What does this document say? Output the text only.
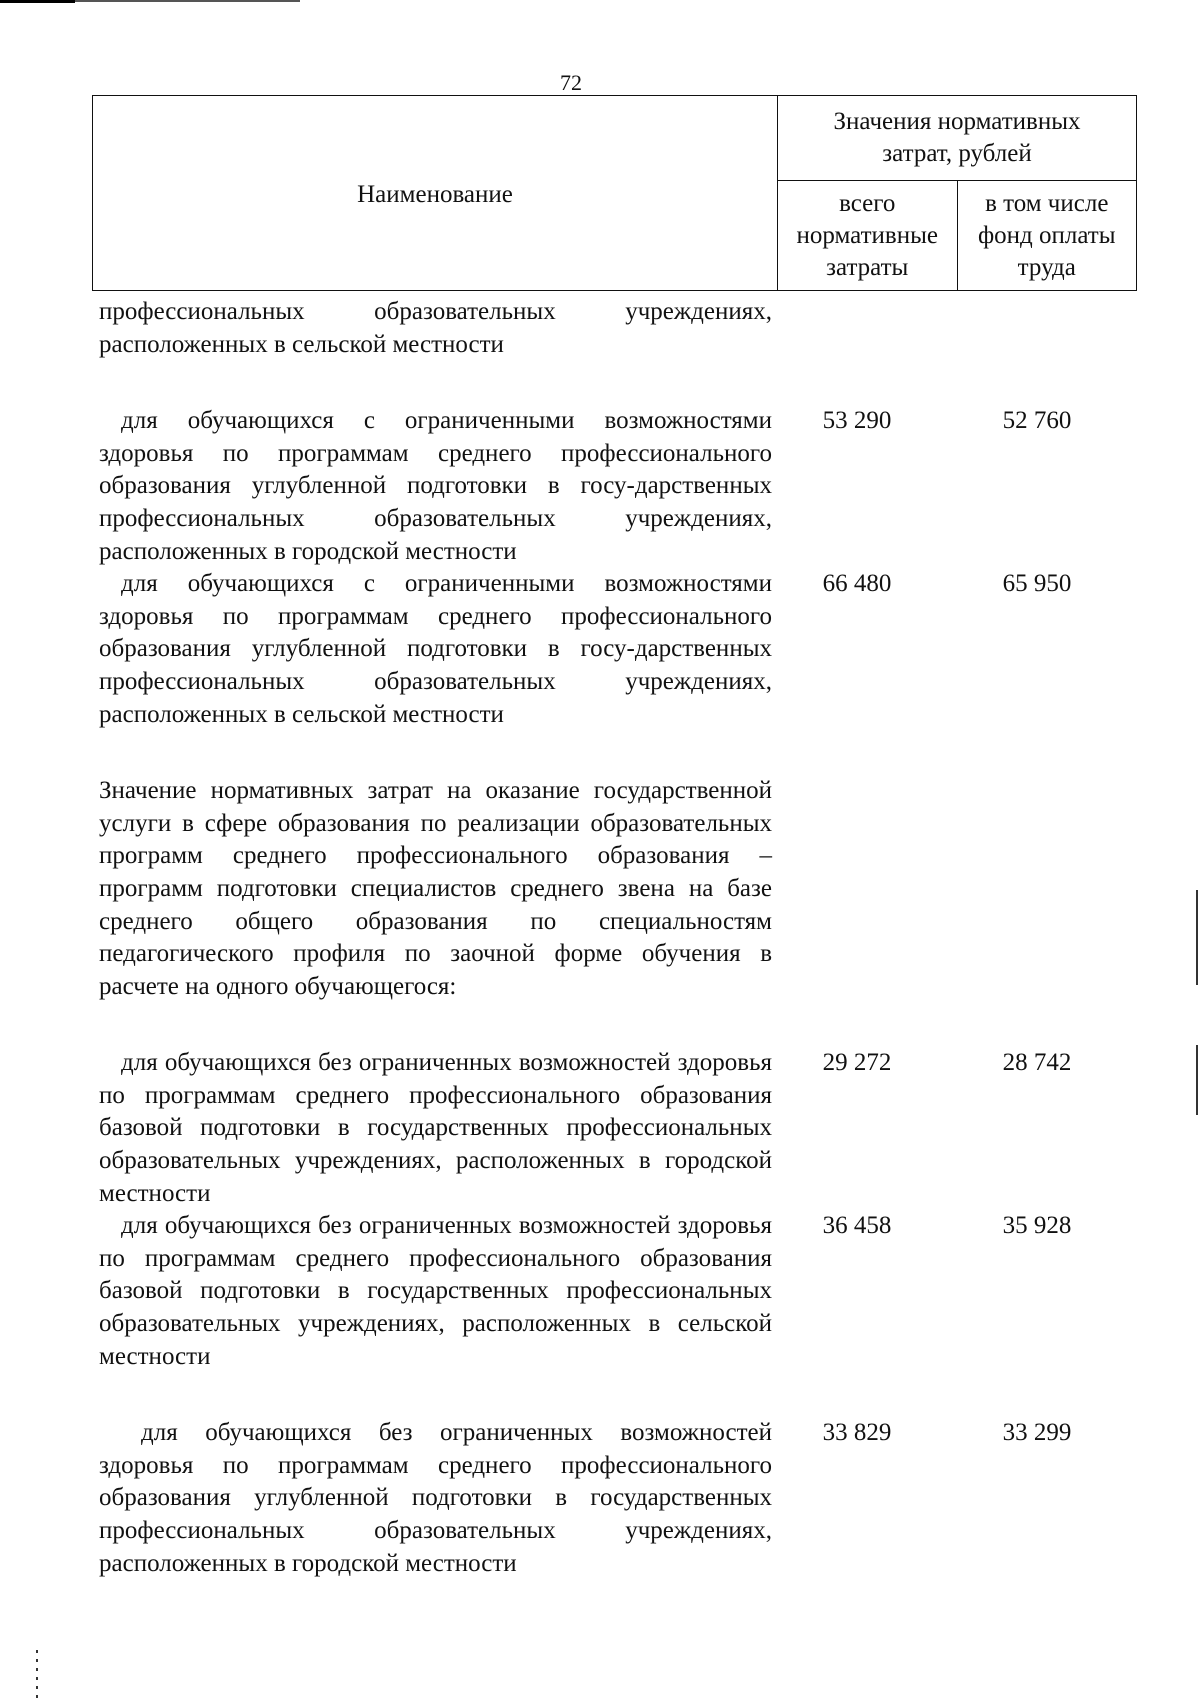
72
Наименование	Значения нормативных затрат, рублей	
	всего нормативные затраты	в том числе фонд оплаты труда
профессиональных образовательных учреждениях, расположенных в сельской местности
для обучающихся с ограниченными возможностями здоровья по программам среднего профессионального образования углубленной подготовки в госу-дарственных профессиональных образовательных учреждениях, расположенных в городской местности
53 290	52 760
для обучающихся с ограниченными возможностями здоровья по программам среднего профессионального образования углубленной подготовки в госу-дарственных профессиональных образовательных учреждениях, расположенных в сельской местности
66 480	65 950
Значение нормативных затрат на оказание государственной услуги в сфере образования по реализации образовательных программ среднего профессионального образования – программ подготовки специалистов среднего звена на базе среднего общего образования по специальностям педагогического профиля по заочной форме обучения в расчете на одного обучающегося:
для обучающихся без ограниченных возможностей здоровья по программам среднего профессионального образования базовой подготовки в государственных профессиональных образовательных учреждениях, расположенных в городской местности
29 272	28 742
для обучающихся без ограниченных возможностей здоровья по программам среднего профессионального образования базовой подготовки в государственных профессиональных образовательных учреждениях, расположенных в сельской местности
36 458	35 928
для обучающихся без ограниченных возможностей здоровья по программам среднего профессионального образования углубленной подготовки в государственных профессиональных образовательных учреждениях, расположенных в городской местности
33 829	33 299
